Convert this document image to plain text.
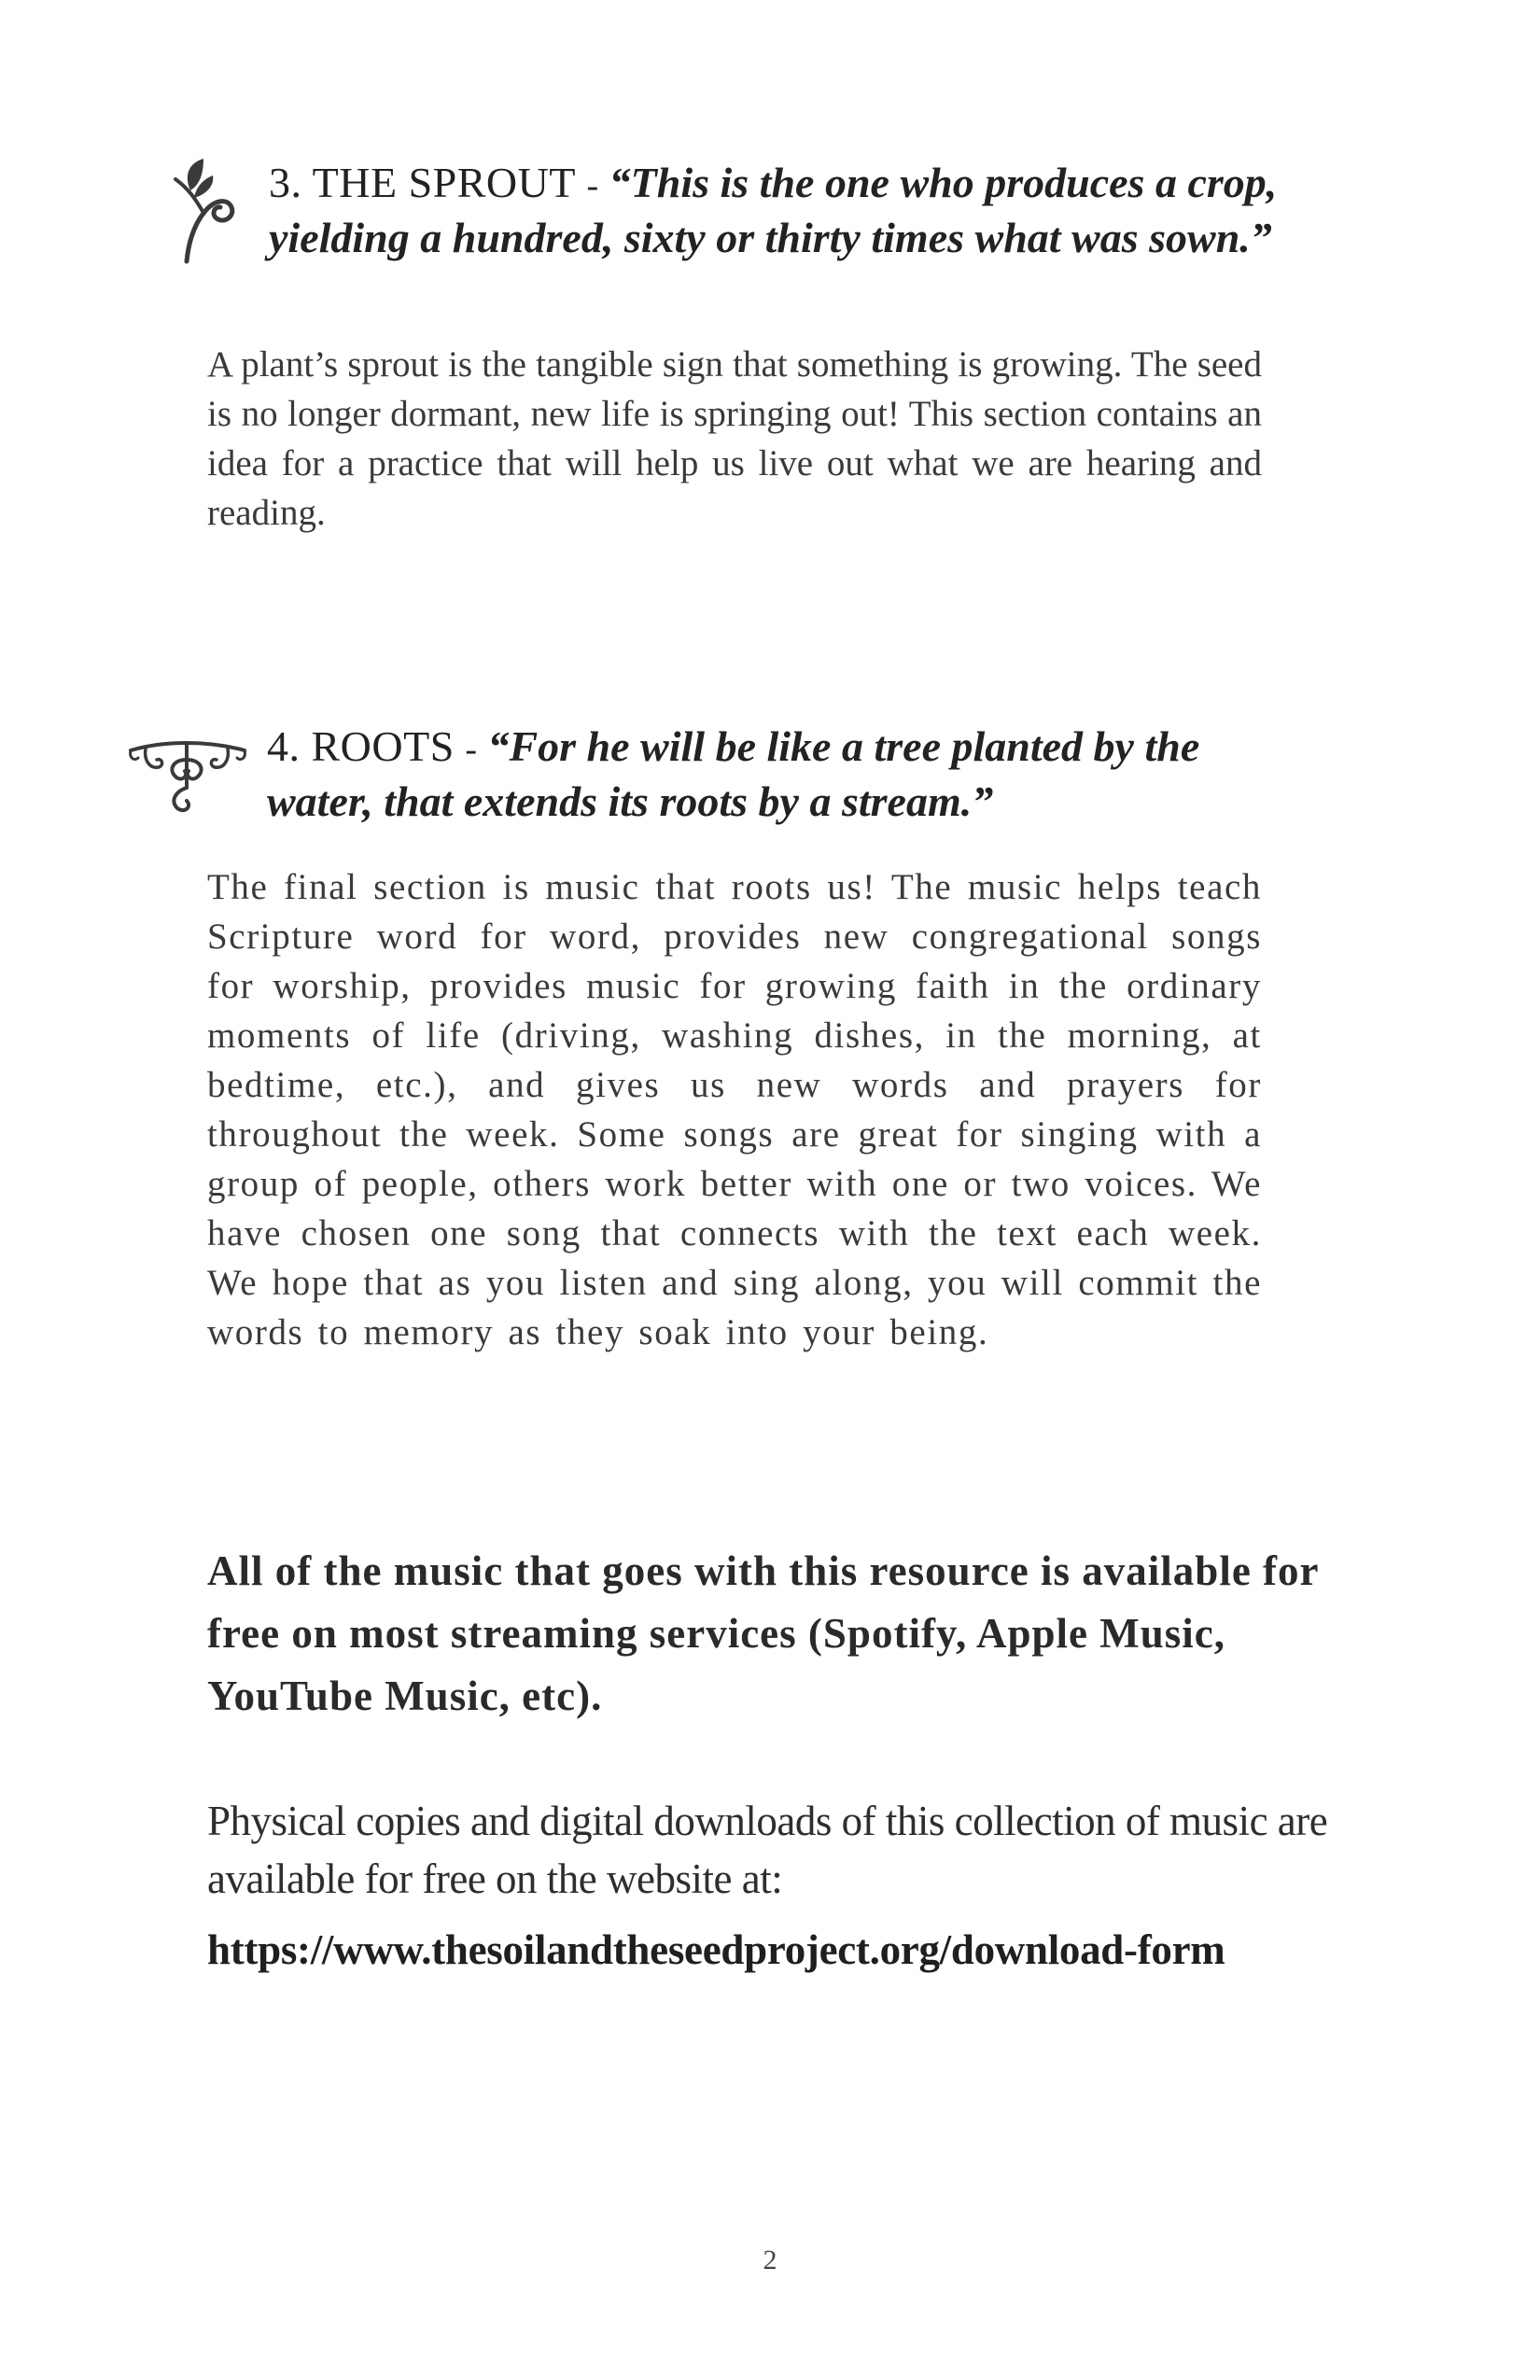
3. THE SPROUT - “This is the one who produces a crop, yielding a hundred, sixty or thirty times what was sown.”

A plant’s sprout is the tangible sign that something is growing. The seed is no longer dormant, new life is springing out! This section contains an idea for a practice that will help us live out what we are hearing and reading.

4. ROOTS - “For he will be like a tree planted by the water, that extends its roots by a stream.”

The final section is music that roots us! The music helps teach Scripture word for word, provides new congregational songs for worship, provides music for growing faith in the ordinary moments of life (driving, washing dishes, in the morning, at bedtime, etc.), and gives us new words and prayers for throughout the week. Some songs are great for singing with a group of people, others work better with one or two voices. We have chosen one song that connects with the text each week. We hope that as you listen and sing along, you will commit the words to memory as they soak into your being.

All of the music that goes with this resource is available for free on most streaming services (Spotify, Apple Music, YouTube Music, etc).

Physical copies and digital downloads of this collection of music are available for free on the website at:

https://www.thesoilandtheseedproject.org/download-form
2
